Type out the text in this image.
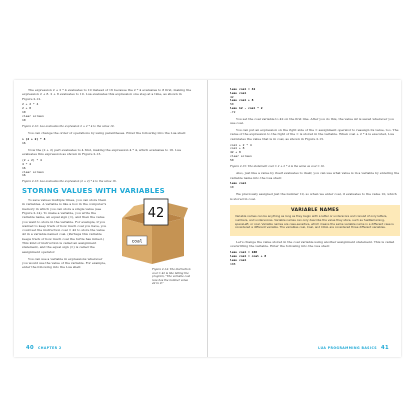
The expression 2 + 2 * 4 evaluates to 10 instead of 16 because the 2 * 4 evaluates to 8 first, making the expression 2 + 8. 2 + 8 evaluates to 10. Lua evaluates this expression one step at a time, as shown in Figure 2-12.

2 + 2 * 4
2 + 8
10
clear screen
10

Figure 2-12: Lua evaluates the expression 2 + 2 * 4 to the value 10.

You can change the order of operations by using parentheses. Enter the following into the Lua shell:

> (2 + 2) * 4
16

Now the (2 + 2) part evaluates to 4 first, making the expression 4 * 4, which evaluates to 16. Lua evaluates this expression as shown in Figure 2-13.

(2 + 2) * 4
4 * 4
16
clear screen
16

Figure 2-13: Lua evaluates the expression (2 + 2) * 4 to the value 16.

STORING VALUES WITH VARIABLES
42
coal

To save values multiple times, you can store them in variables. A variable is like a box in the computer's memory in which you can store a single value (see Figure 2-14). To make a variable, you write the variable name, an equal sign (=), and then the value you want to store in the variable. For example, if you wanted to keep track of how much coal you have, you could set the instruction coal = 42 to store the value 42 in a variable named coal. (Perhaps this variable keeps track of how much coal the turtle has mined.) This kind of instruction is called an assignment statement, and the equal sign (=) is called the assignment operator.

You can use a variable in expressions wherever you would use the value of the variable. For example, enter the following into the Lua shell:	Figure 2-14: The instruction coal = 42 is like telling the program, "The variable coal now has the number value 42 in it."

40 CHAPTER 2
lua> coal = 42
lua> coal
42
lua> coal + 8
50
lua> 12 - coal * 2
-72

You set the coal variable to 42 on the first line. After you do this, the value 42 is saved wherever you use coal.

You can put an expression on the right side of the = assignment operator to reassign its value, too. The value of the expression to the right of the = is stored in the variable. When coal + 2 * 4 is executed, Lua calculates the value that is in coal, as shown in Figure 2-15.

coal + 2 * 4
coal + 8
42 + 8
clear screen
50

Figure 2-15: The statement coal = 2 + 2 * 4 is the same as coal = 10.

Also, just like a value by itself evaluates to itself, you can use what value is in a variable by entering the variable name into the Lua shell:

lua> coal
10

We previously assigned just the number 10, so when we enter coal, it evaluates to the value 10, which is stored in coal.

VARIABLE NAMES

Variable names can be anything as long as they begin with a letter or underscore and consist of only letters, numbers, and underscores. Variable names can only describe the value they store, such as fuelRemaining, spaceLeft, or coal. Variable names are case-sensitive, which means the same variable name in a different case is considered a different variable. The variables coal, Coal, and COAL are considered three different variables.

Let's change the value stored in the coal variable using another assignment statement. This is called overwriting the variable. Enter the following into the Lua shell:

lua> coal = 100
lua> coal = coal + 8
lua> coal
108
LUA PROGRAMMING BASICS 41
